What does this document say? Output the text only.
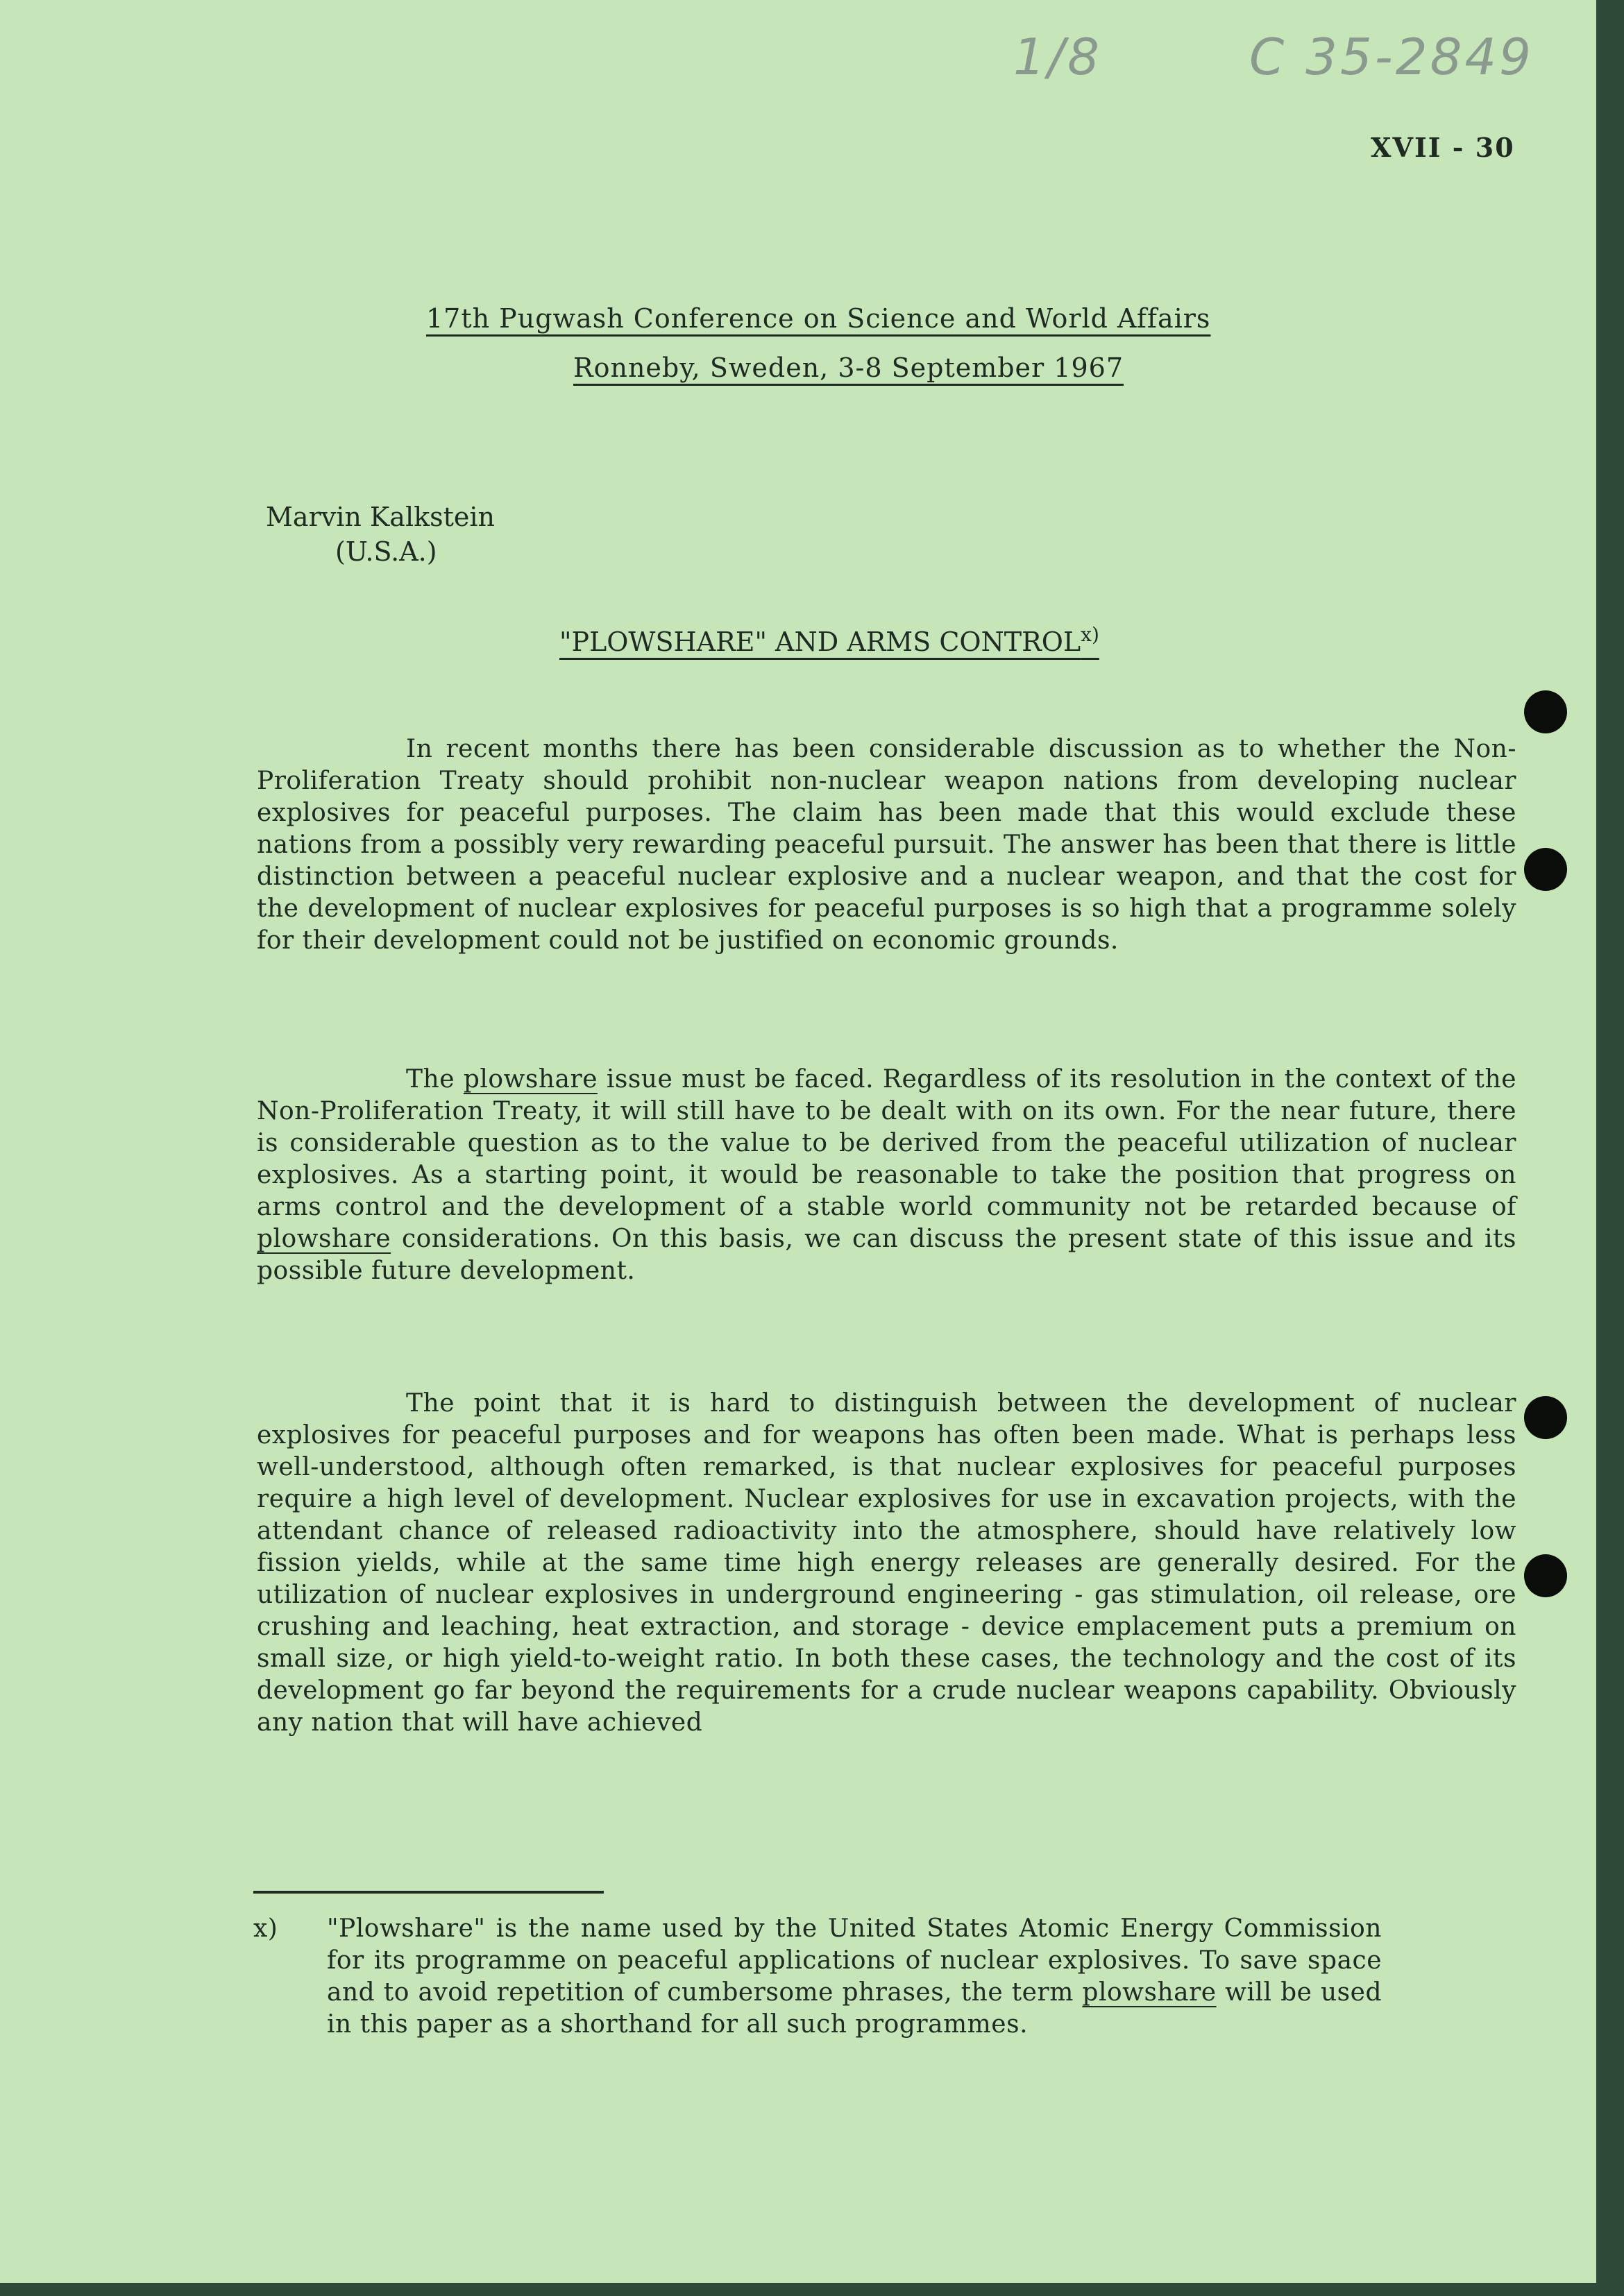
1/8	C 35-2849
XVII - 30
17th Pugwash Conference on Science and World Affairs
Ronneby, Sweden, 3-8 September 1967
Marvin Kalkstein
(U.S.A.)
"PLOWSHARE" AND ARMS CONTROL$^{x)}$

In recent months there has been considerable discussion as to whether the Non-Proliferation Treaty should prohibit non-nuclear weapon nations from developing nuclear explosives for peaceful purposes. The claim has been made that this would exclude these nations from a possibly very rewarding peaceful pursuit. The answer has been that there is little distinction between a peaceful nuclear explosive and a nuclear weapon, and that the cost for the development of nuclear explosives for peaceful purposes is so high that a programme solely for their development could not be justified on economic grounds.

The plowshare issue must be faced. Regardless of its resolution in the context of the Non-Proliferation Treaty, it will still have to be dealt with on its own. For the near future, there is considerable question as to the value to be derived from the peaceful utilization of nuclear explosives. As a starting point, it would be reasonable to take the position that progress on arms control and the development of a stable world community not be retarded because of plowshare considerations. On this basis, we can discuss the present state of this issue and its possible future development.

The point that it is hard to distinguish between the development of nuclear explosives for peaceful purposes and for weapons has often been made. What is perhaps less well-understood, although often remarked, is that nuclear explosives for peaceful purposes require a high level of development. Nuclear explosives for use in excavation projects, with the attendant chance of released radioactivity into the atmosphere, should have relatively low fission yields, while at the same time high energy releases are generally desired. For the utilization of nuclear explosives in underground engineering - gas stimulation, oil release, ore crushing and leaching, heat extraction, and storage - device emplacement puts a premium on small size, or high yield-to-weight ratio. In both these cases, the technology and the cost of its development go far beyond the requirements for a crude nuclear weapons capability. Obviously any nation that will have achieved

x) "Plowshare" is the name used by the United States Atomic Energy Commission for its programme on peaceful applications of nuclear explosives. To save space and to avoid repetition of cumbersome phrases, the term plowshare will be used in this paper as a shorthand for all such programmes.
